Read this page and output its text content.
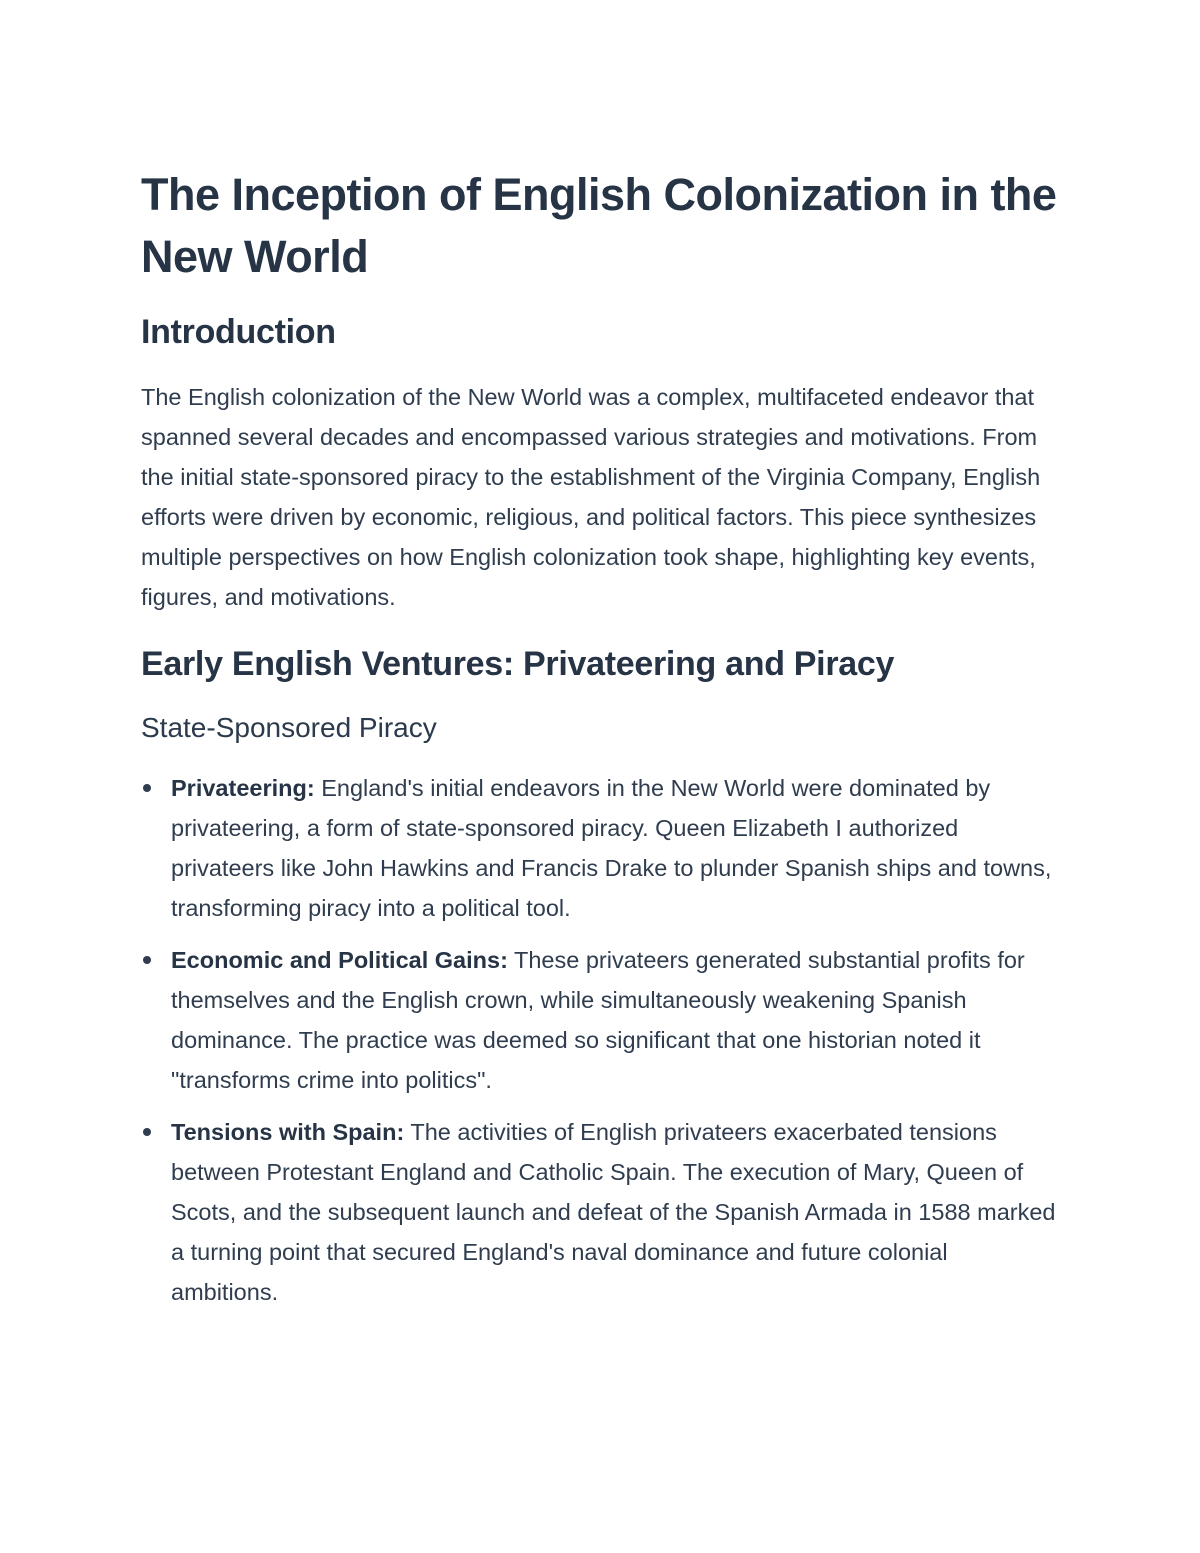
The Inception of English Colonization in the New World
Introduction

The English colonization of the New World was a complex, multifaceted endeavor that spanned several decades and encompassed various strategies and motivations. From the initial state-sponsored piracy to the establishment of the Virginia Company, English efforts were driven by economic, religious, and political factors. This piece synthesizes multiple perspectives on how English colonization took shape, highlighting key events, figures, and motivations.

Early English Ventures: Privateering and Piracy
State-Sponsored Piracy
Privateering: England's initial endeavors in the New World were dominated by privateering, a form of state-sponsored piracy. Queen Elizabeth I authorized privateers like John Hawkins and Francis Drake to plunder Spanish ships and towns, transforming piracy into a political tool.
Economic and Political Gains: These privateers generated substantial profits for themselves and the English crown, while simultaneously weakening Spanish dominance. The practice was deemed so significant that one historian noted it "transforms crime into politics".
Tensions with Spain: The activities of English privateers exacerbated tensions between Protestant England and Catholic Spain. The execution of Mary, Queen of Scots, and the subsequent launch and defeat of the Spanish Armada in 1588 marked a turning point that secured England's naval dominance and future colonial ambitions.
